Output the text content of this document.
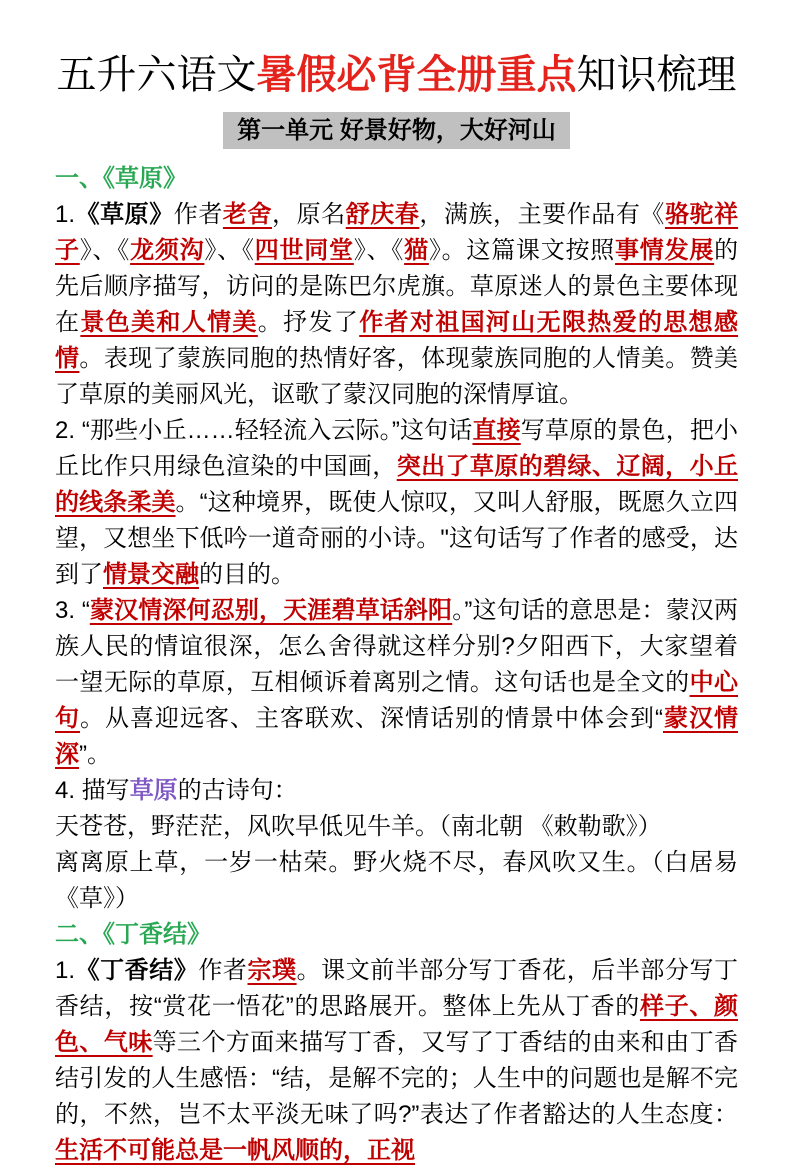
五升六语文暑假必背全册重点知识梳理
第一单元 好景好物，大好河山
一、《草原》
1.《草原》作者老舍，原名舒庆春，满族，主要作品有《骆驼祥子》、《龙须沟》、《四世同堂》、《猫》。这篇课文按照事情发展的先后顺序描写，访问的是陈巴尔虎旗。草原迷人的景色主要体现在景色美和人情美。抒发了作者对祖国河山无限热爱的思想感情。表现了蒙族同胞的热情好客，体现蒙族同胞的人情美。赞美了草原的美丽风光，讴歌了蒙汉同胞的深情厚谊。
2. “那些小丘……轻轻流入云际。”这句话直接写草原的景色，把小丘比作只用绿色渲染的中国画，突出了草原的碧绿、辽阔，小丘的线条柔美。“这种境界，既使人惊叹，又叫人舒服，既愿久立四望，又想坐下低吟一道奇丽的小诗。"这句话写了作者的感受，达到了情景交融的目的。
3. “蒙汉情深何忍别，天涯碧草话斜阳。”这句话的意思是：蒙汉两族人民的情谊很深，怎么舍得就这样分别?夕阳西下，大家望着一望无际的草原，互相倾诉着离别之情。这句话也是全文的中心句。从喜迎远客、主客联欢、深情话别的情景中体会到“蒙汉情深”。
4. 描写草原的古诗句：
天苍苍，野茫茫，风吹早低见牛羊。（南北朝 《敕勒歌》）
离离原上草，一岁一枯荣。野火烧不尽，春风吹又生。（白居易 《草》）
二、《丁香结》
1.《丁香结》作者宗璞。课文前半部分写丁香花，后半部分写丁香结，按“赏花一悟花”的思路展开。整体上先从丁香的样子、颜色、气味等三个方面来描写丁香，又写了丁香结的由来和由丁香结引发的人生感悟：“结，是解不完的；人生中的问题也是解不完的，不然，岂不太平淡无味了吗?”表达了作者豁达的人生态度：生活不可能总是一帆风顺的，正视
